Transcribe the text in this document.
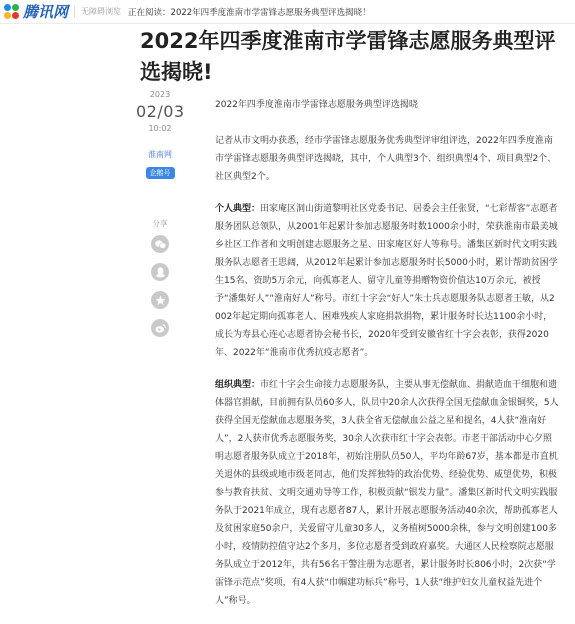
腾讯网 无障碍浏览 正在阅读：2022年四季度淮南市学雷锋志愿服务典型评选揭晓！
2022年四季度淮南市学雷锋志愿服务典型评选揭晓!
2023
02/03
10:02
淮南网
企鹅号
分享

2022年四季度淮南市学雷锋志愿服务典型评选揭晓

记者从市文明办获悉，经市学雷锋志愿服务优秀典型评审组评选，2022年四季度淮南市学雷锋志愿服务典型评选揭晓，其中，个人典型3个、组织典型4个、项目典型2个、社区典型2个。

个人典型：田家庵区洞山街道黎明社区党委书记、居委会主任张贤，“七彩帮客”志愿者服务团队总领队，从2001年起累计参加志愿服务时数1000余小时，荣获淮南市最美城乡社区工作者和文明创建志愿服务之星、田家庵区好人等称号。潘集区新时代文明实践服务队志愿者王思阔，从2012年起累计参加志愿服务时长5000小时，累计帮助贫困学生15名、资助5万余元，向孤寡老人、留守儿童等捐赠物资价值达10万余元，被授予“潘集好人”“淮南好人”称号。市红十字会“好人”朱士兵志愿服务队志愿者王敏，从2002年起定期向孤寡老人、困难残疾人家庭捐款捐物，累计服务时长达1100余小时，成长为寿县心连心志愿者协会秘书长，2020年受到安徽省红十字会表彰，获得2020年、2022年“淮南市优秀抗疫志愿者”。

组织典型：市红十字会生命接力志愿服务队，主要从事无偿献血、捐献造血干细胞和遗体器官捐献，目前拥有队员60多人，队员中20余人次获得全国无偿献血金银铜奖，5人获得全国无偿献血志愿服务奖，3人获全省无偿献血公益之星和提名，4人获“淮南好人”，2人获市优秀志愿服务奖，30余人次获市红十字会表彰。市老干部活动中心夕照明志愿者服务队成立于2018年，初始注册队员50人，平均年龄67岁，基本都是市直机关退休的县级或地市级老同志，他们发挥独特的政治优势、经验优势、威望优势，积极参与教育扶贫、文明交通劝导等工作，积极贡献“银发力量”。潘集区新时代文明实践服务队于2021年成立，现有志愿者87人，累计开展志愿服务活动40余次，帮助孤寡老人及贫困家庭50余户，关爱留守儿童30多人，义务植树5000余株，参与文明创建100多小时，疫情防控值守达2个多月，多位志愿者受到政府嘉奖。大通区人民检察院志愿服务队成立于2012年，共有56名干警注册为志愿者，累计服务时长806小时，2次获“学雷锋示范点”奖项，有4人获“巾帼建功标兵”称号，1人获“维护妇女儿童权益先进个人”称号。
